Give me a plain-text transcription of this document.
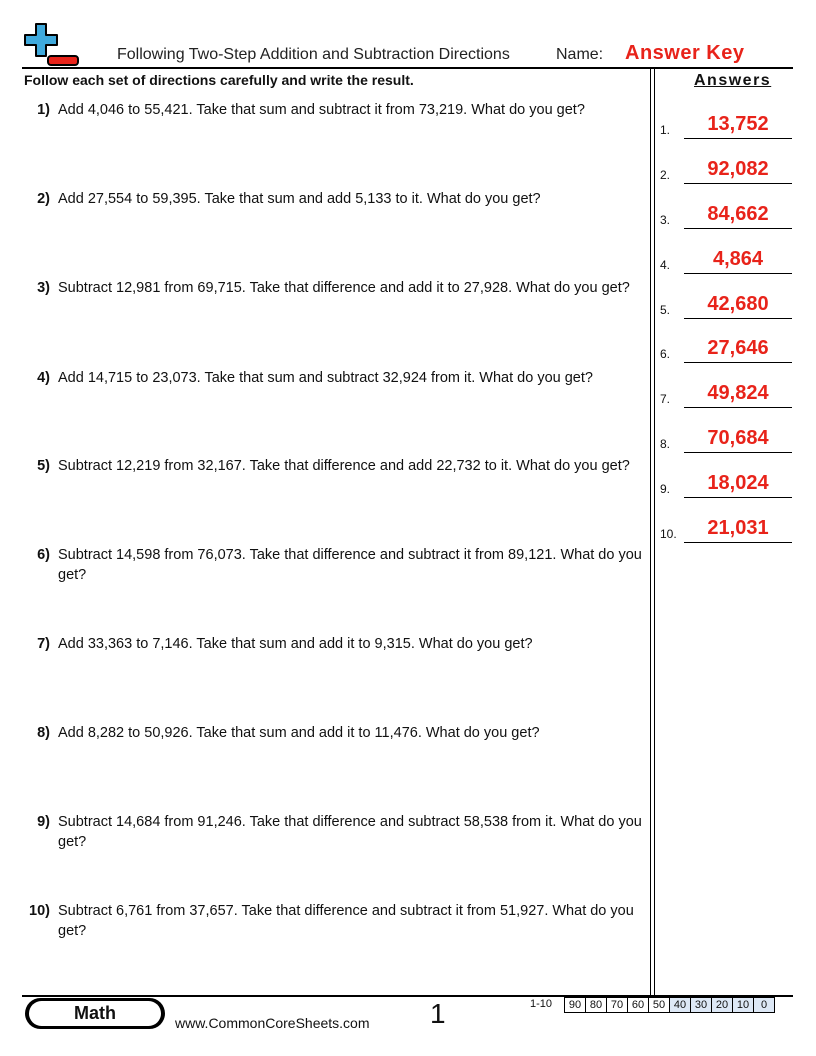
Following Two-Step Addition and Subtraction Directions	Name: Answer Key
Follow each set of directions carefully and write the result.	Answers
1) Add 4,046 to 55,421. Take that sum and subtract it from 73,219. What do you get?
2) Add 27,554 to 59,395. Take that sum and add 5,133 to it. What do you get?
3) Subtract 12,981 from 69,715. Take that difference and add it to 27,928. What do you get?
4) Add 14,715 to 23,073. Take that sum and subtract 32,924 from it. What do you get?
5) Subtract 12,219 from 32,167. Take that difference and add 22,732 to it. What do you get?
6) Subtract 14,598 from 76,073. Take that difference and subtract it from 89,121. What do you get?
7) Add 33,363 to 7,146. Take that sum and add it to 9,315. What do you get?
8) Add 8,282 to 50,926. Take that sum and add it to 11,476. What do you get?
9) Subtract 14,684 from 91,246. Take that difference and subtract 58,538 from it. What do you get?
10) Subtract 6,761 from 37,657. Take that difference and subtract it from 51,927. What do you get?
1.	13,752
2.	92,082
3.	84,662
4.	4,864
5.	42,680
6.	27,646
7.	49,824
8.	70,684
9.	18,024
10.	21,031
Math	www.CommonCoreSheets.com 1	1-10 90	80	70	60	50	40	30	20	10	0
